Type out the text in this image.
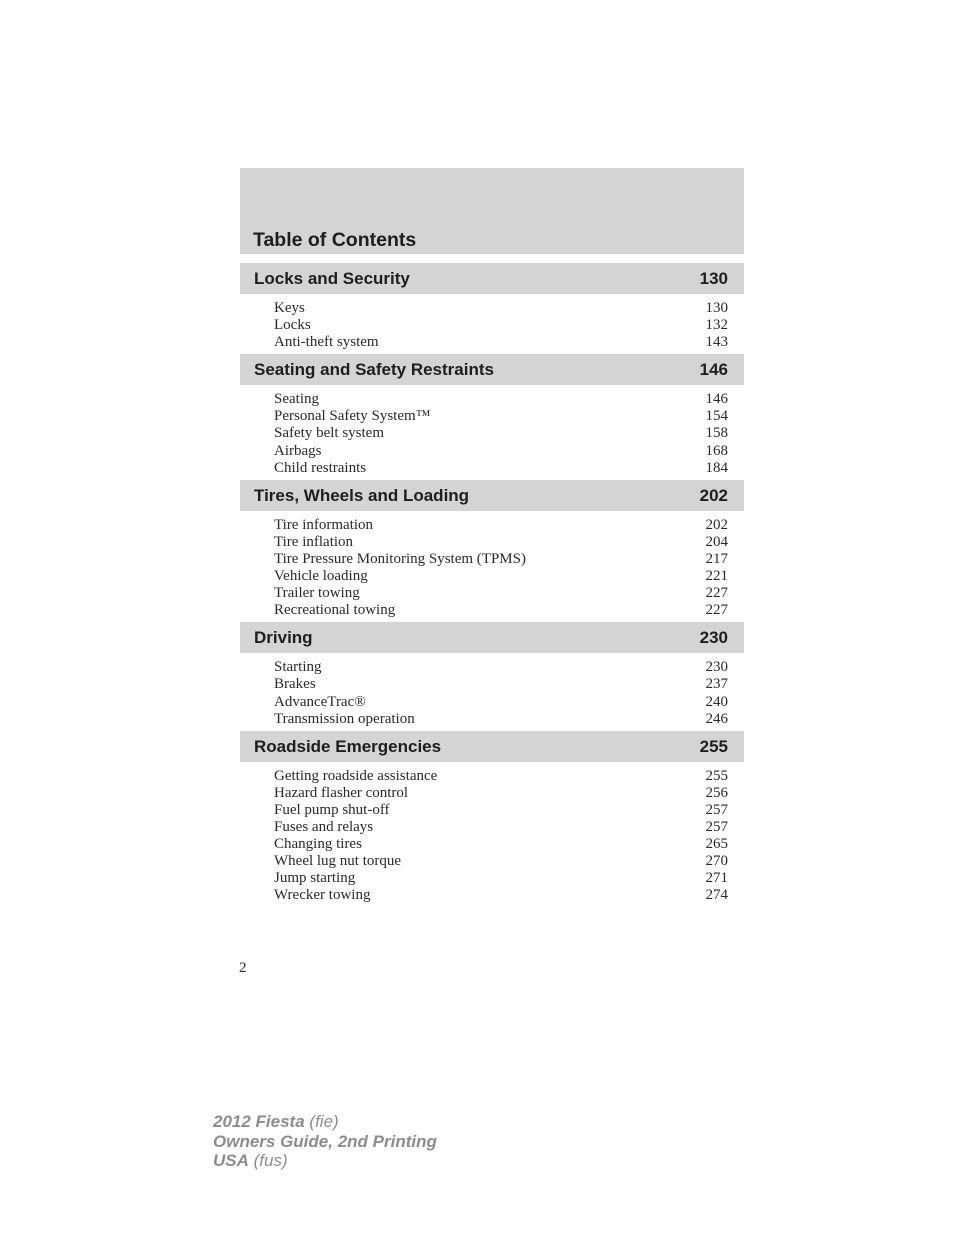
Table of Contents
Locks and Security	130
Keys	130
Locks	132
Anti-theft system	143
Seating and Safety Restraints	146
Seating	146
Personal Safety System™	154
Safety belt system	158
Airbags	168
Child restraints	184
Tires, Wheels and Loading	202
Tire information	202
Tire inflation	204
Tire Pressure Monitoring System (TPMS)	217
Vehicle loading	221
Trailer towing	227
Recreational towing	227
Driving	230
Starting	230
Brakes	237
AdvanceTrac®	240
Transmission operation	246
Roadside Emergencies	255
Getting roadside assistance	255
Hazard flasher control	256
Fuel pump shut-off	257
Fuses and relays	257
Changing tires	265
Wheel lug nut torque	270
Jump starting	271
Wrecker towing	274
2
2012 Fiesta (fie)
Owners Guide, 2nd Printing
USA (fus)
